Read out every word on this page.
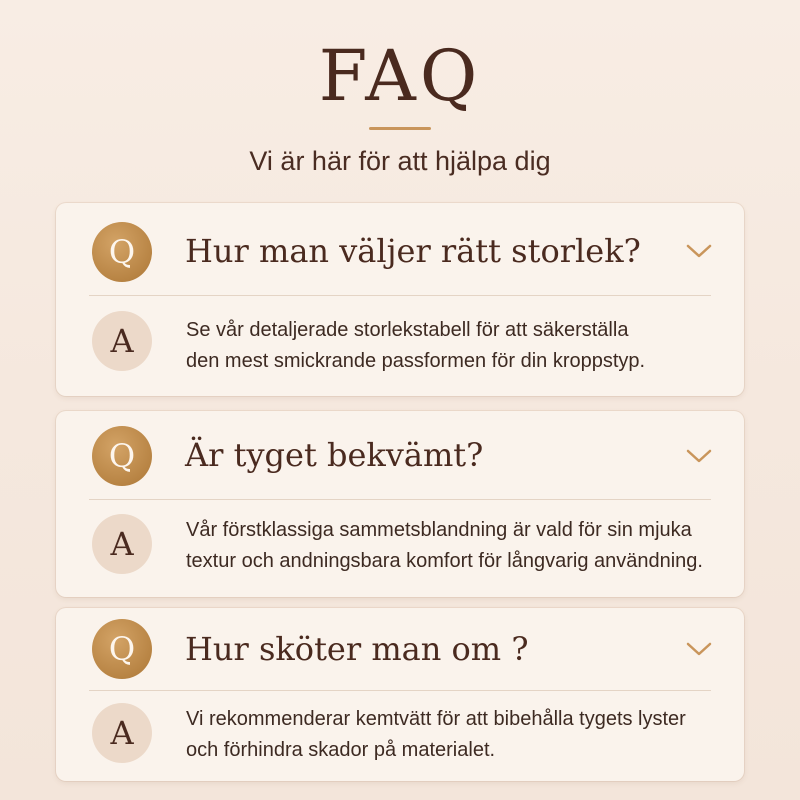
FAQ
Vi är här för att hjälpa dig
Q	Hur man väljer rätt storlek?
A	Se vår detaljerade storlekstabell för att säkerställa
den mest smickrande passformen för din kroppstyp.
Q	Är tyget bekvämt?
A	Vår förstklassiga sammetsblandning är vald för sin mjuka
textur och andningsbara komfort för långvarig användning.
Q	Hur sköter man om ?
A	Vi rekommenderar kemtvätt för att bibehålla tygets lyster
och förhindra skador på materialet.
